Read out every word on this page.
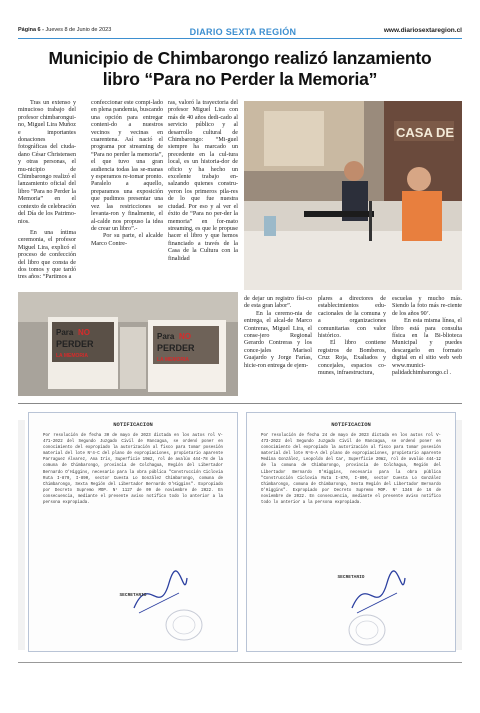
Página 6 - Jueves 8 de Junio de 2023	DIARIO SEXTA REGIÓN	www.diariosextaregion.cl
Municipio de Chimbarongo realizó lanzamiento
libro “Para no Perder la Memoria”

Tras un extenso y minucioso trabajo del profesor chimbarongui-no, Miguel Lira Muñoz e importantes donaciones fotográficas del ciuda-dano César Christensen y otras personas, el mu-nicipio de Chimbarongo realizó el lanzamiento oficial del libro “Para no Perder la Memoria” en el contexto de celebración del Día de los Patrimo-nios.

En una íntima ceremonia, el profesor Miguel Lira, explicó el proceso de confección del libro que consta de dos tomos y que tardó tres años: “Partimos a

confeccionar este compi-lado en plena pandemia, buscando una opción para entregar conteni-do a nuestros vecinos y vecinas en cuarentena. Así nació el programa por streaming de “Para no perder la memoria”, el que tuvo una gran audiencia todas las se-manas y esperamos re-tomar pronto. Paralelo a aquello, preparamos una exposición que pudimos presentar una vez las restricciones se levanta-ron y finalmente, el al-calde nos propuso la idea de crear un libro”.-

Por su parte, el alcalde Marco Contre-

ras, valoró la trayectoria del profesor Miguel Lira con más de 40 años dedi-cado al servicio público y al desarrollo cultural de Chimbarongo: “Mi-guel siempre ha marcado un precedente en la cul-tura local, es un historia-dor de oficio y ha hecho un excelente trabajo en-salzando quienes constru-yeron los primeros pila-res de lo que fue nuestra ciudad. Por eso y al ver el éxito de “Para no per-der la memoria” en for-mato streaming, es que le propuse hacer el libro y que hemos financiado a través de la Casa de la Cultura con la finalidad

CASA DE
Para NO
PERDER
LA MEMORIA
Para NO
PERDER
LA MEMORIA

de dejar un registro físi-co de esta gran labor”.

En la ceremo-nia de entrega, el alcal-de Marco Contreras, Miguel Lira, el conse-jero Regional Gerardo Contreras y los conce-jales Marisol Guajardo y Jorge Farías, hicie-ron entrega de ejem-

plares a directores de establecimientos edu-cacionales de la comuna y a organizaciones comunitarias con valor histórico.

El libro contiene registros de Bomberos, Cruz Roja, Exaliados y concejales, espacios co-munes, infraestructura,

escuelas y mucho más. Siendo la foto más re-ciente de los años 90’.

En esta misma línea, el libro está para consulta física en la Bi-blioteca Municipal y puedes descargarlo en formato digital en el sitio web web www.munici-palidadchimbarongo.cl .

NOTIFICACION
Por resolución de fecha 30 de mayo de 2023 dictada en los autos rol V-471-2022 del Segundo Juzgado Civil de Rancagua, se ordenó poner en conocimiento del expropiado la autorización al fisco para tomar posesión material del lote N°4-C del plano de expropiaciones, propietario aparente Parraguez Álvarez, Ana Iris, Superficie 19m2, rol de avalúo 444-78 de la comuna de Chimbarongo, provincia de Colchagua, Región del Libertador Bernardo O'Higgins, necesario para la obra pública "Construcción Ciclovía Ruta I-870, I-890, sector Cuesta Lo González Chimbarongo, comuna de Chimbarongo, Sexta Región del Libertador Bernardo O'Higgins". Expropiado por Decreto Supremo MOP. N° 1127 de 09 de noviembre de 2022. En consecuencia, mediante el presente aviso notifico todo lo anterior a la persona expropiada.
SECRETARIO
NOTIFICACION
Por resolución de fecha 24 de mayo de 2023 dictada en los autos rol V-473-2022 del Segundo Juzgado Civil de Rancagua, se ordenó poner en conocimiento del expropiado la autorización al fisco para tomar posesión material del lote N°6-A del plano de expropiaciones, propietario aparente Medina González, Leopoldo del Car, Superficie 20m2, rol de avalúo 444-12 de la comuna de Chimbarongo, provincia de Colchagua, Región del Libertador Bernardo O'Higgins, necesario para la obra pública "Construcción Ciclovía Ruta I-870, I-890, sector Cuesta Lo González Chimbarongo, comuna de Chimbarongo, Sexta Región del Libertador Bernardo O'Higgins". Expropiado por Decreto Supremo MOP. N° 1346 de 16 de noviembre de 2022. En consecuencia, mediante el presente aviso notifico todo lo anterior a la persona expropiada.
SECRETARIO
